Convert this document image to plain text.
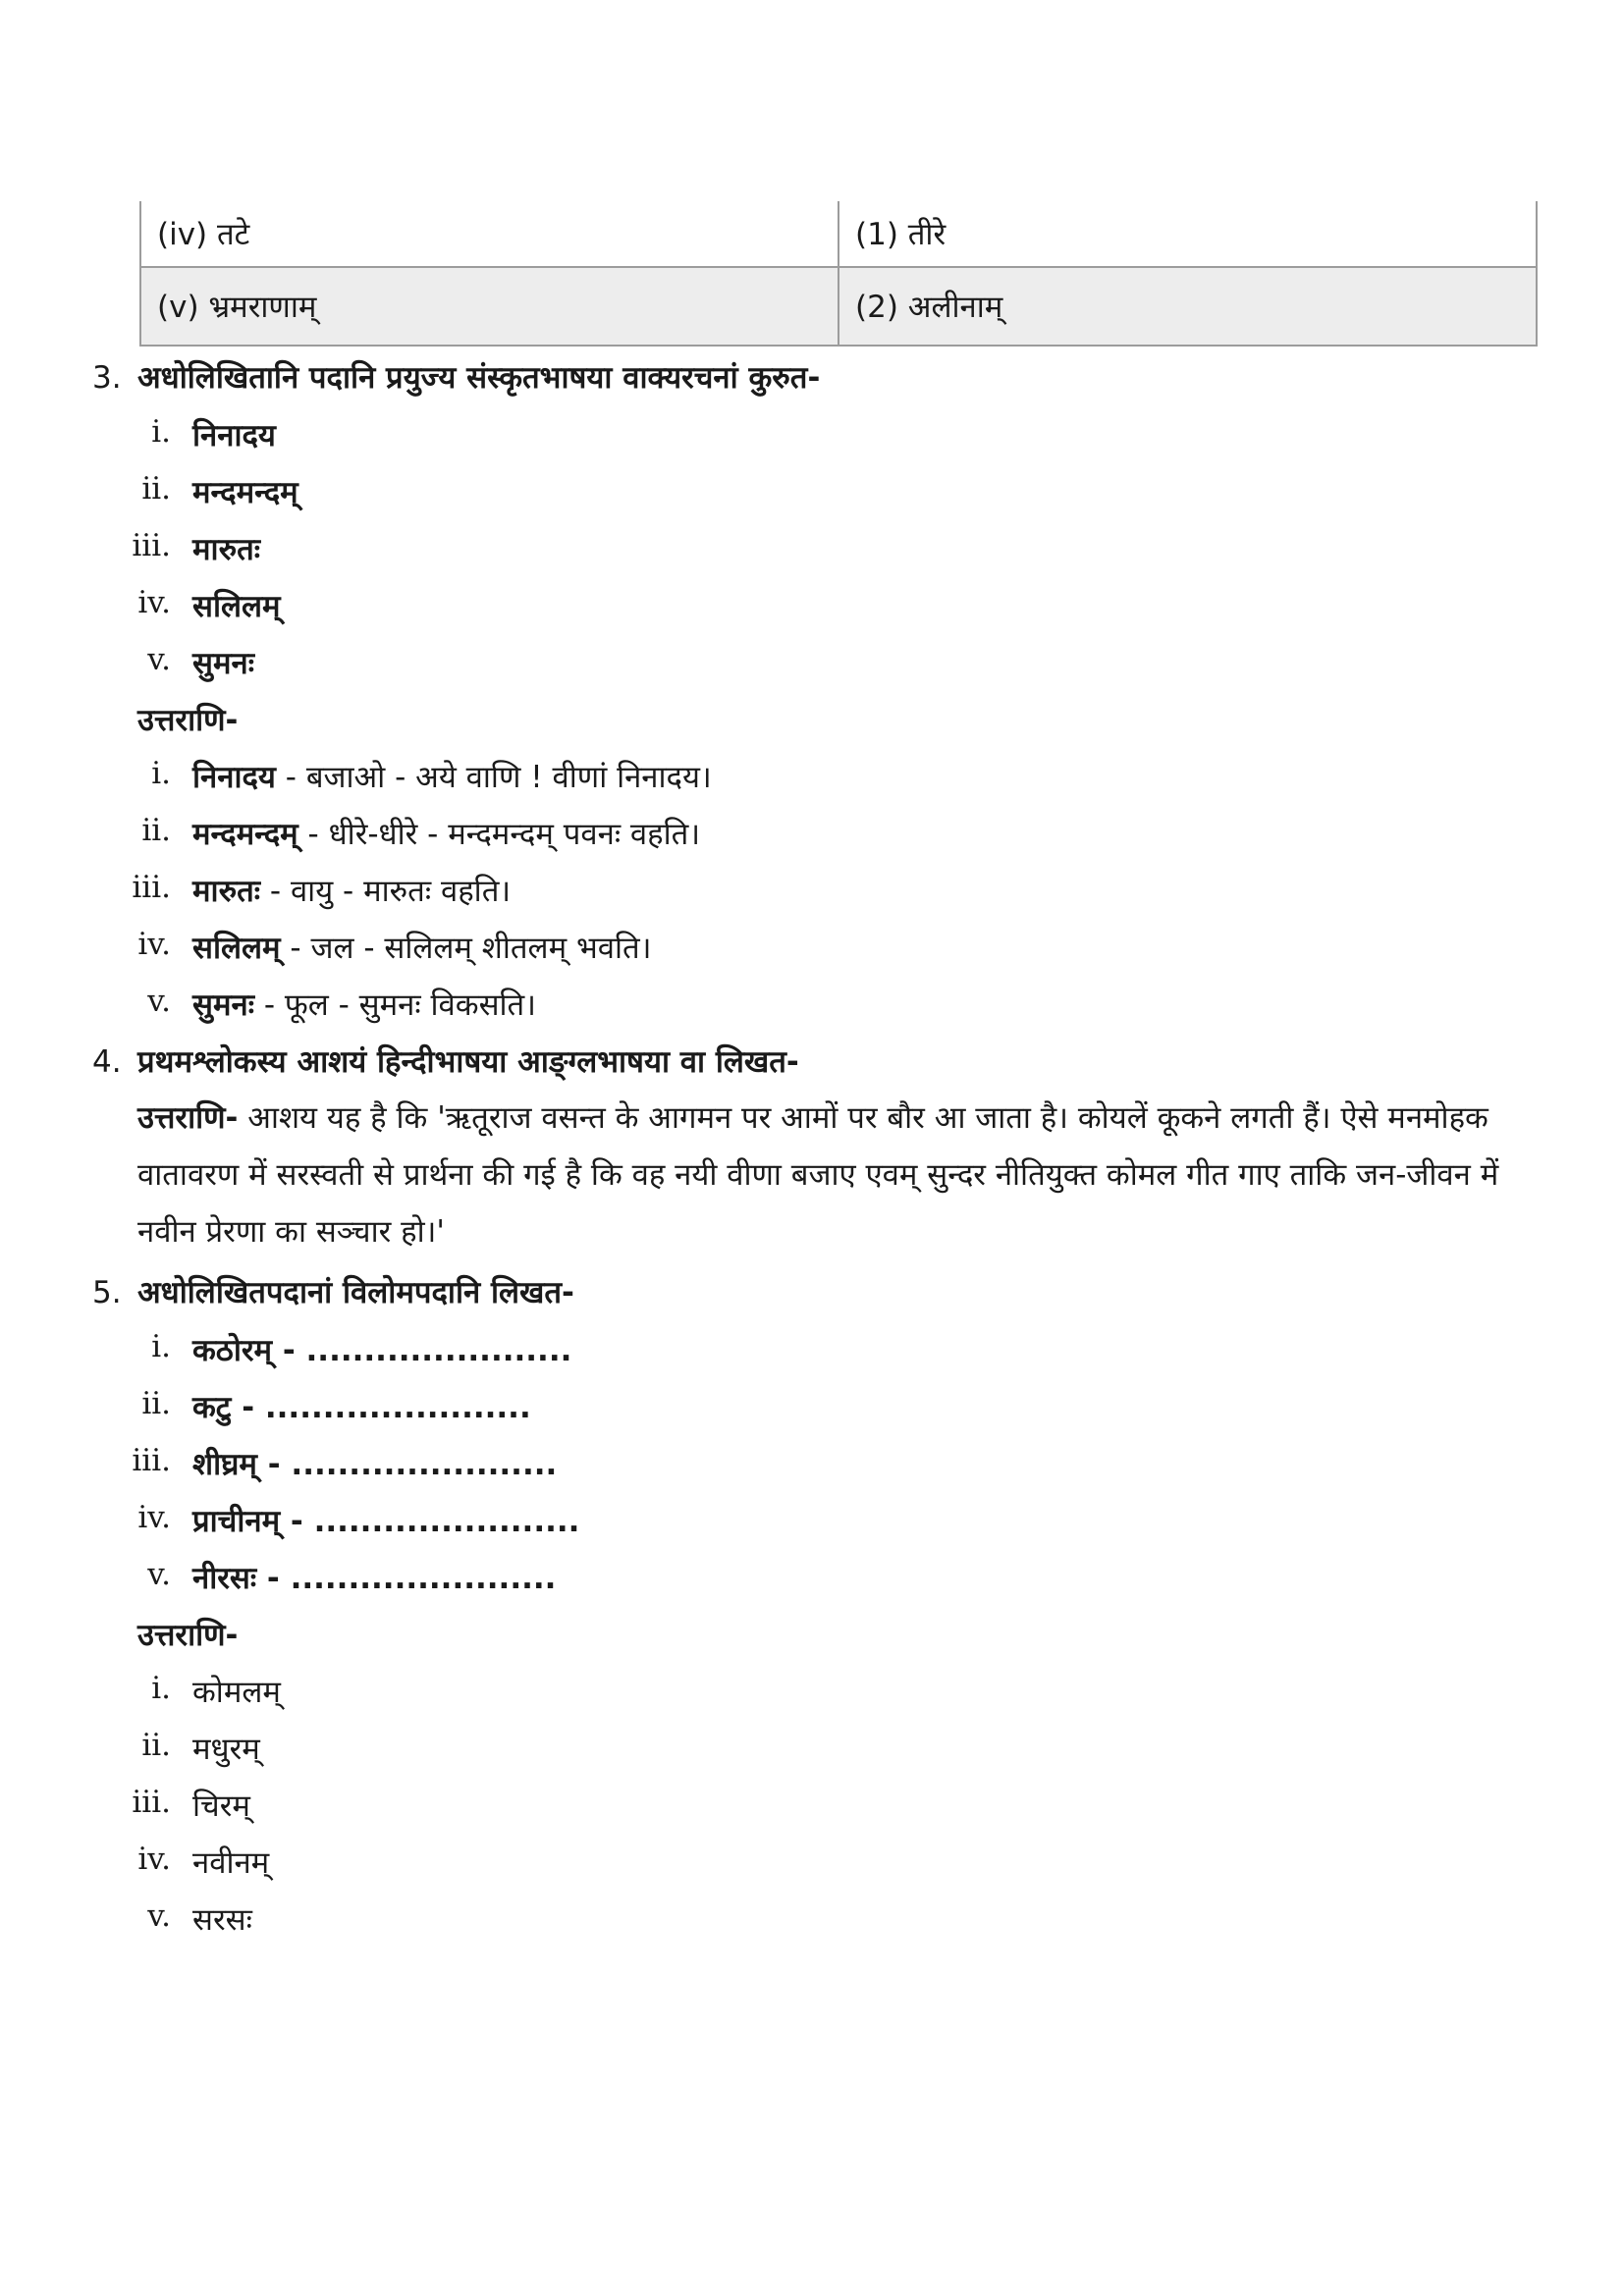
(iv) तटे	(1) तीरे
(v) भ्रमराणाम्	(2) अलीनाम्
3. अधोलिखितानि पदानि प्रयुज्य संस्कृतभाषया वाक्यरचनां कुरुत-
i. निनादय
ii. मन्दमन्दम्
iii. मारुतः
iv. सलिलम्
v. सुमनः
उत्तराणि-
i. निनादय - बजाओ - अये वाणि ! वीणां निनादय।
ii. मन्दमन्दम् - धीरे-धीरे - मन्दमन्दम् पवनः वहति।
iii. मारुतः - वायु - मारुतः वहति।
iv. सलिलम् - जल - सलिलम् शीतलम् भवति।
v. सुमनः - फूल - सुमनः विकसति।
4. प्रथमश्लोकस्य आशयं हिन्दीभाषया आङ्ग्लभाषया वा लिखत-
उत्तराणि- आशय यह है कि 'ऋतूराज वसन्त के आगमन पर आमों पर बौर आ जाता है। कोयलें कूकने लगती हैं। ऐसे मनमोहक वातावरण में सरस्वती से प्रार्थना की गई है कि वह नयी वीणा बजाए एवम् सुन्दर नीतियुक्त कोमल गीत गाए ताकि जन-जीवन में नवीन प्रेरणा का सञ्चार हो।'
5. अधोलिखितपदानां विलोमपदानि लिखत-
i. कठोरम् - .......................
ii. कटु - .......................
iii. शीघ्रम् - .......................
iv. प्राचीनम् - .......................
v. नीरसः - .......................
उत्तराणि-
i. कोमलम्
ii. मधुरम्
iii. चिरम्
iv. नवीनम्
v. सरसः
